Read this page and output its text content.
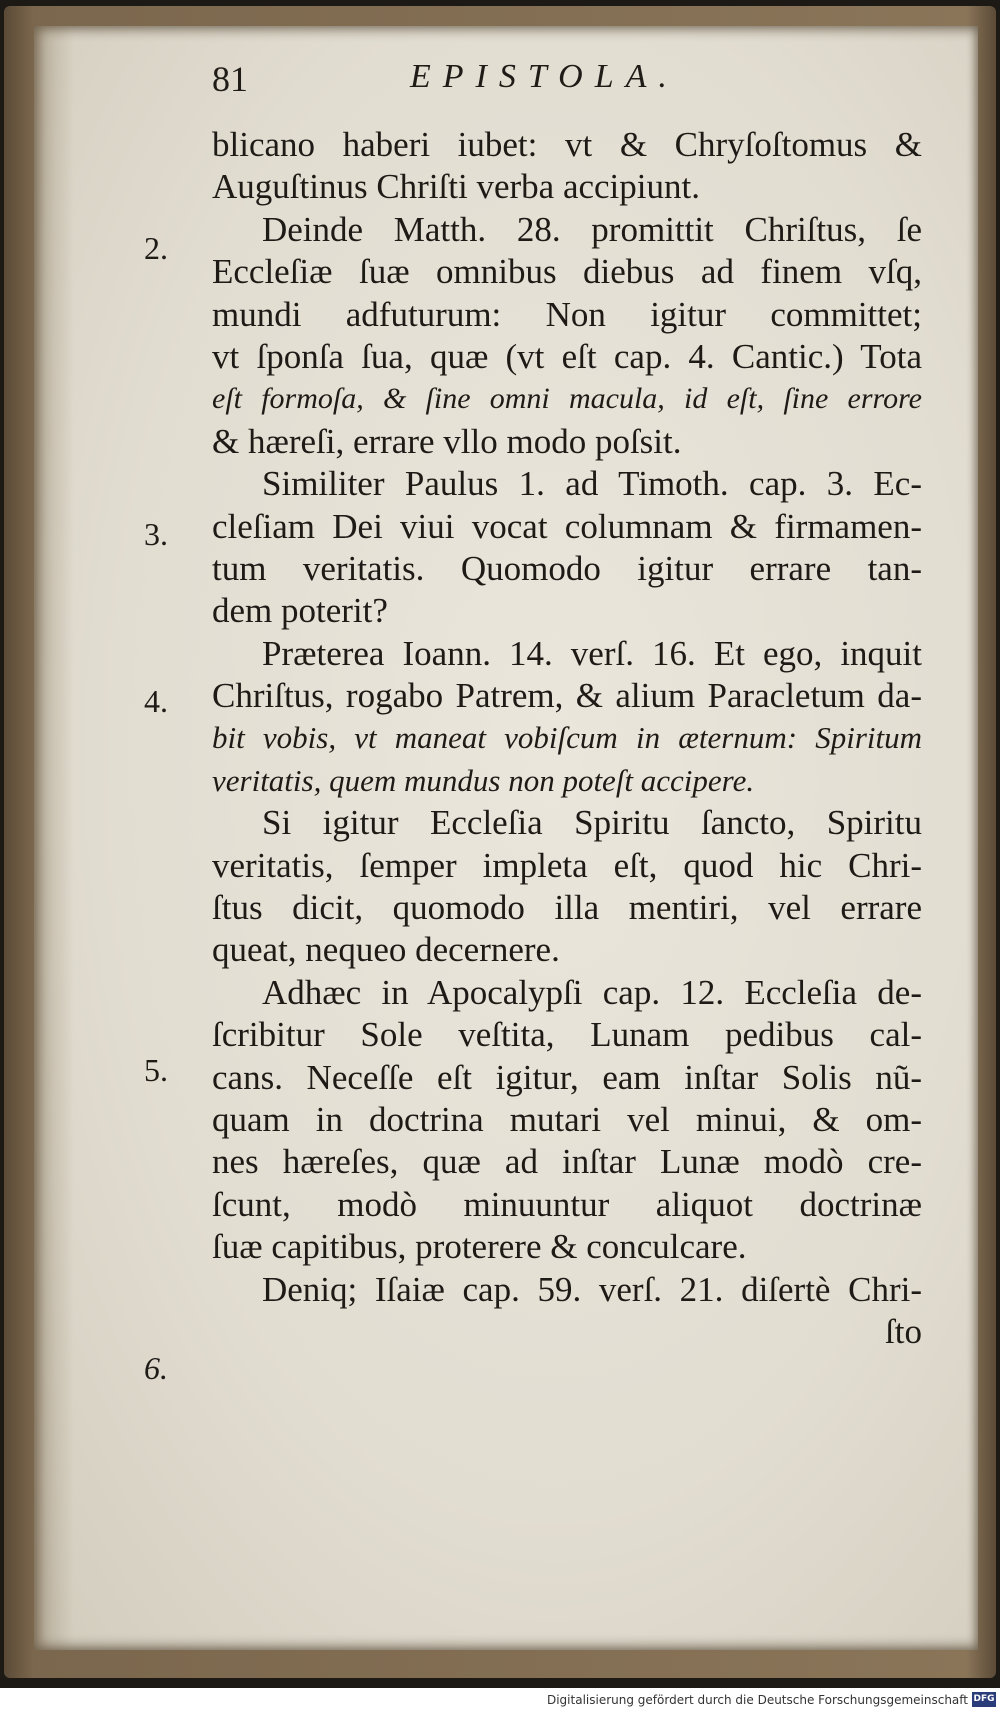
81	EPISTOLA.
2.
3.
4.
5.
6.
blicano haberi iubet: vt & Chryſoſtomus &
Auguſtinus Chriſti verba accipiunt.
Deinde Matth. 28. promittit Chriſtus, ſe
Eccleſiæ ſuæ omnibus diebus ad finem vſq,
mundi adfuturum: Non igitur committet;
vt ſponſa ſua, quæ (vt eſt cap. 4. Cantic.) Tota
eſt formoſa, & ſine omni macula, id eſt, ſine errore
& hæreſi, errare vllo modo poſsit.
Similiter Paulus 1. ad Timoth. cap. 3. Ec-
cleſiam Dei viui vocat columnam & firmamen-
tum veritatis. Quomodo igitur errare tan-
dem poterit?
Præterea Ioann. 14. verſ. 16. Et ego, inquit
Chriſtus, rogabo Patrem, & alium Paracletum da-
bit vobis, vt maneat vobiſcum in æternum: Spiritum
veritatis, quem mundus non poteſt accipere.
Si igitur Eccleſia Spiritu ſancto, Spiritu
veritatis, ſemper impleta eſt, quod hic Chri-
ſtus dicit, quomodo illa mentiri, vel errare
queat, nequeo decernere.
Adhæc in Apocalypſi cap. 12. Eccleſia de-
ſcribitur Sole veſtita, Lunam pedibus cal-
cans. Neceſſe eſt igitur, eam inſtar Solis nũ-
quam in doctrina mutari vel minui, & om-
nes hæreſes, quæ ad inſtar Lunæ modò cre-
ſcunt, modò minuuntur aliquot doctrinæ
ſuæ capitibus, proterere & conculcare.
Deniq; Iſaiæ cap. 59. verſ. 21. diſertè Chri-
ſto
Digitalisierung gefördert durch die Deutsche Forschungsgemeinschaft DFG
